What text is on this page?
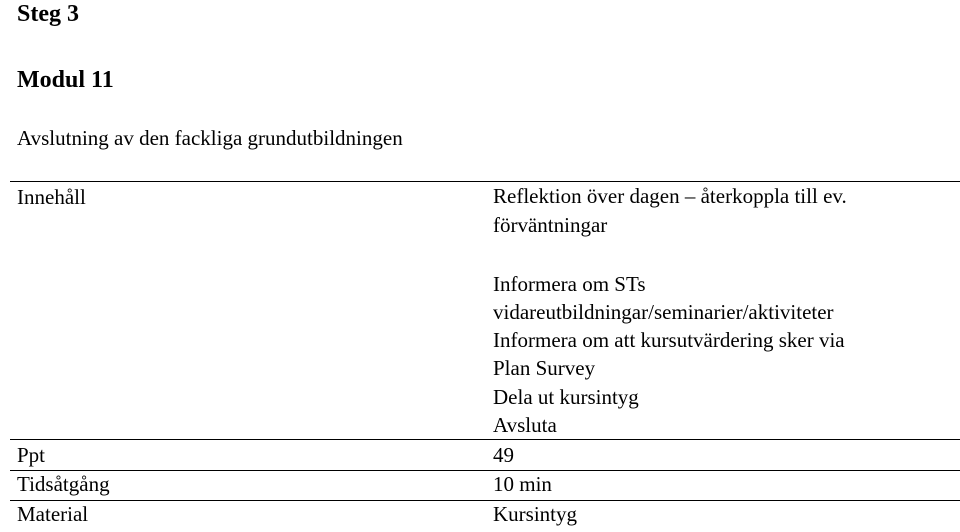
Steg 3
Modul 11

Avslutning av den fackliga grundutbildningen

Innehåll	Reflektion över dagen – återkoppla till ev.
förväntningar
Informera om STs
vidareutbildningar/seminarier/aktiviteter
Informera om att kursutvärdering sker via
Plan Survey
Dela ut kursintyg
Avsluta
Ppt	49
Tidsåtgång	10 min
Material	Kursintyg
